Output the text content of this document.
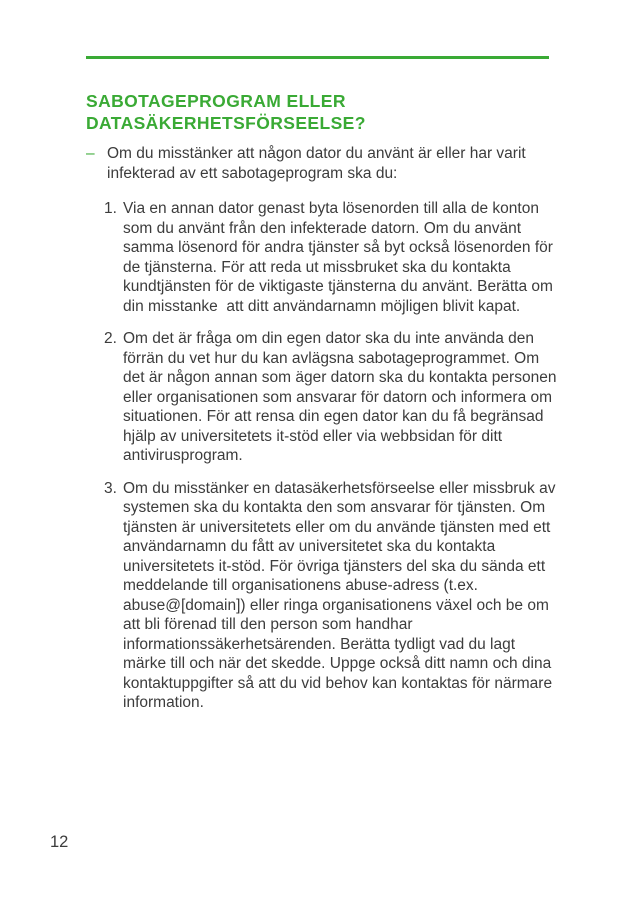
SABOTAGEPROGRAM ELLER
DATASÄKERHETSFÖRSEELSE?
– Om du misstänker att någon dator du använt är eller har varit infekterad av ett sabotageprogram ska du:

1. Via en annan dator genast byta lösenorden till alla de konton som du använt från den infekterade datorn. Om du använt samma lösenord för andra tjänster så byt också lösenorden för de tjänsterna. För att reda ut missbruket ska du kontakta kundtjänsten för de viktigaste tjänsterna du använt. Berätta om din misstanke  att ditt användarnamn möjligen blivit kapat.

2. Om det är fråga om din egen dator ska du inte använda den förrän du vet hur du kan avlägsna sabotageprogrammet. Om det är någon annan som äger datorn ska du kontakta personen eller organisationen som ansvarar för datorn och informera om situationen. För att rensa din egen dator kan du få begränsad hjälp av universitetets it-stöd eller via webbsidan för ditt antivirusprogram.

3. Om du misstänker en datasäkerhetsförseelse eller missbruk av systemen ska du kontakta den som ansvarar för tjänsten. Om tjänsten är universitetets eller om du använde tjänsten med ett användarnamn du fått av universitetet ska du kontakta universitetets it-stöd. För övriga tjänsters del ska du sända ett meddelande till organisationens abuse-adress (t.ex. abuse@[domain]) eller ringa organisationens växel och be om att bli förenad till den person som handhar informationssäkerhetsärenden. Berätta tydligt vad du lagt märke till och när det skedde. Uppge också ditt namn och dina kontaktuppgifter så att du vid behov kan kontaktas för närmare information.

12
